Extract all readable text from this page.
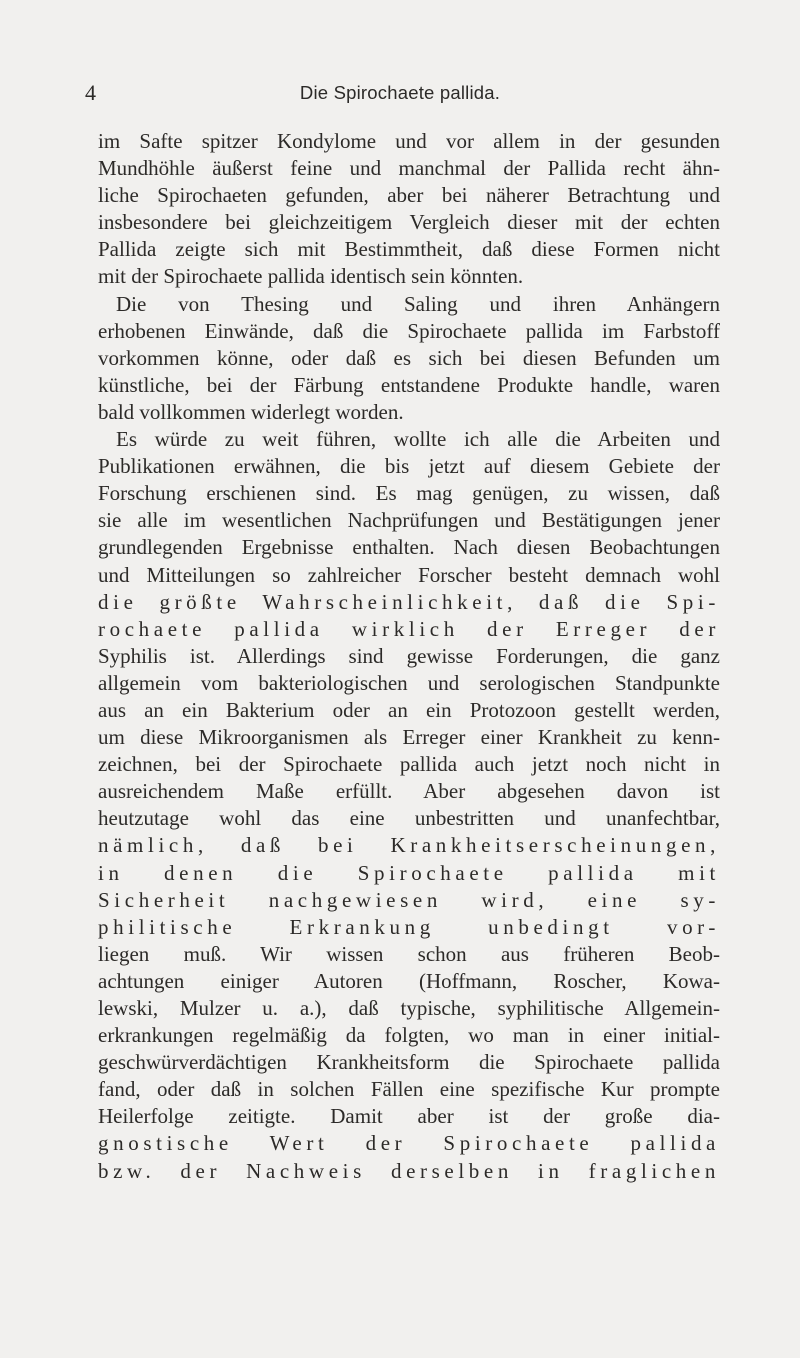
4	Die Spirochaete pallida.
im Safte spitzer Kondylome und vor allem in der gesunden
Mundhöhle äußerst feine und manchmal der Pallida recht ähn-
liche Spirochaeten gefunden, aber bei näherer Betrachtung und
insbesondere bei gleichzeitigem Vergleich dieser mit der echten
Pallida zeigte sich mit Bestimmtheit, daß diese Formen nicht
mit der Spirochaete pallida identisch sein könnten.
Die von Thesing und Saling und ihren Anhängern
erhobenen Einwände, daß die Spirochaete pallida im Farbstoff
vorkommen könne, oder daß es sich bei diesen Befunden um
künstliche, bei der Färbung entstandene Produkte handle, waren
bald vollkommen widerlegt worden.
Es würde zu weit führen, wollte ich alle die Arbeiten und
Publikationen erwähnen, die bis jetzt auf diesem Gebiete der
Forschung erschienen sind. Es mag genügen, zu wissen, daß
sie alle im wesentlichen Nachprüfungen und Bestätigungen jener
grundlegenden Ergebnisse enthalten. Nach diesen Beobachtungen
und Mitteilungen so zahlreicher Forscher besteht demnach wohl
die größte Wahrscheinlichkeit, daß die Spi-
rochaete pallida wirklich der Erreger der
Syphilis ist. Allerdings sind gewisse Forderungen, die ganz
allgemein vom bakteriologischen und serologischen Standpunkte
aus an ein Bakterium oder an ein Protozoon gestellt werden,
um diese Mikroorganismen als Erreger einer Krankheit zu kenn-
zeichnen, bei der Spirochaete pallida auch jetzt noch nicht in
ausreichendem Maße erfüllt. Aber abgesehen davon ist
heutzutage wohl das eine unbestritten und unanfechtbar,
nämlich, daß bei Krankheitserscheinungen,
in denen die Spirochaete pallida mit
Sicherheit nachgewiesen wird, eine sy-
philitische Erkrankung unbedingt vor-
liegen muß. Wir wissen schon aus früheren Beob-
achtungen einiger Autoren (Hoffmann, Roscher, Kowa-
lewski, Mulzer u. a.), daß typische, syphilitische Allgemein-
erkrankungen regelmäßig da folgten, wo man in einer initial-
geschwürverdächtigen Krankheitsform die Spirochaete pallida
fand, oder daß in solchen Fällen eine spezifische Kur prompte
Heilerfolge zeitigte. Damit aber ist der große dia-
gnostische Wert der Spirochaete pallida
bzw. der Nachweis derselben in fraglichen
